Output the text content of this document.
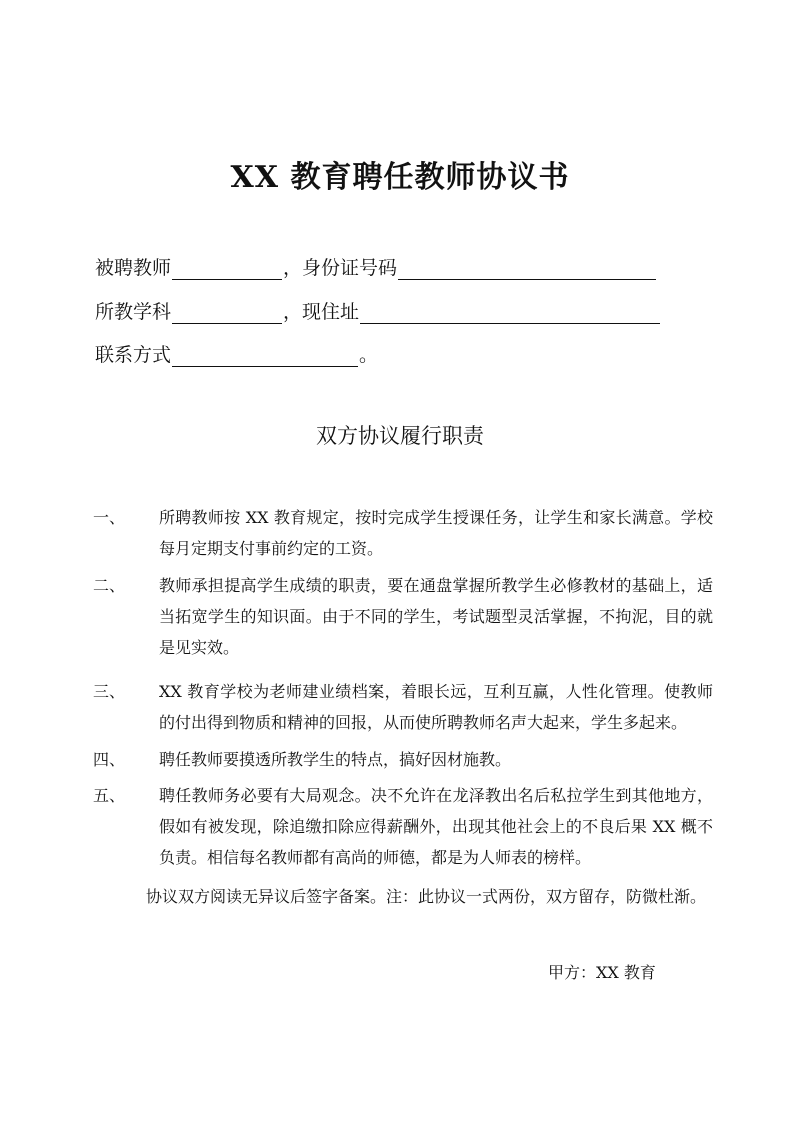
XX 教育聘任教师协议书
被聘教师	，身份证号码
所教学科	，现住址
联系方式	。
双方协议履行职责
一、	所聘教师按 XX 教育规定，按时完成学生授课任务，让学生和家长满意。学校每月定期支付事前约定的工资。
二、	教师承担提高学生成绩的职责，要在通盘掌握所教学生必修教材的基础上，适当拓宽学生的知识面。由于不同的学生，考试题型灵活掌握，不拘泥，目的就是见实效。
三、	XX 教育学校为老师建业绩档案，着眼长远，互利互赢，人性化管理。使教师的付出得到物质和精神的回报，从而使所聘教师名声大起来，学生多起来。
四、	聘任教师要摸透所教学生的特点，搞好因材施教。
五、	聘任教师务必要有大局观念。决不允许在龙泽教出名后私拉学生到其他地方，假如有被发现，除追缴扣除应得薪酬外，出现其他社会上的不良后果 XX 概不负责。相信每名教师都有高尚的师德，都是为人师表的榜样。
协议双方阅读无异议后签字备案。注：此协议一式两份，双方留存，防微杜渐。
甲方：XX 教育
